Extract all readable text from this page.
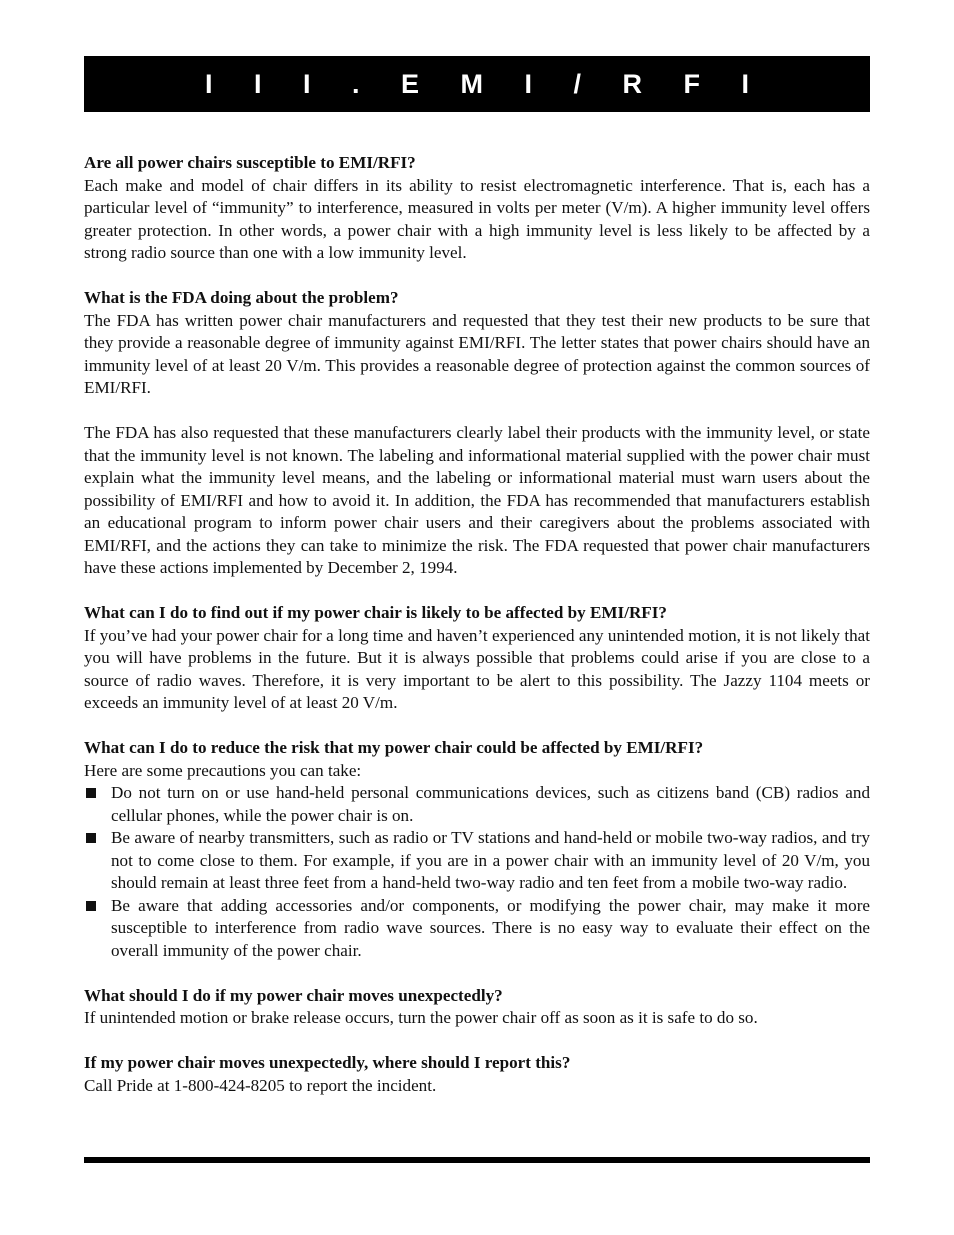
I I I . E M I / R F I

Are all power chairs susceptible to EMI/RFI?

Each make and model of chair differs in its ability to resist electromagnetic interference. That is, each has a particular level of “immunity” to interference, measured in volts per meter (V/m). A higher immunity level offers greater protection. In other words, a power chair with a high immunity level is less likely to be affected by a strong radio source than one with a low immunity level.

What is the FDA doing about the problem?

The FDA has written power chair manufacturers and requested that they test their new products to be sure that they provide a reasonable degree of immunity against EMI/RFI. The letter states that power chairs should have an immunity level of at least 20 V/m. This provides a reasonable degree of protection against the common sources of EMI/RFI.

The FDA has also requested that these manufacturers clearly label their products with the immunity level, or state that the immunity level is not known. The labeling and informational material supplied with the power chair must explain what the immunity level means, and the labeling or informational material must warn users about the possibility of EMI/RFI and how to avoid it. In addition, the FDA has recommended that manufacturers establish an educational program to inform power chair users and their caregivers about the problems associated with EMI/RFI, and the actions they can take to minimize the risk. The FDA requested that power chair manufacturers have these actions implemented by December 2, 1994.

What can I do to find out if my power chair is likely to be affected by EMI/RFI?

If you’ve had your power chair for a long time and haven’t experienced any unintended motion, it is not likely that you will have problems in the future. But it is always possible that problems could arise if you are close to a source of radio waves. Therefore, it is very important to be alert to this possibility. The Jazzy 1104 meets or exceeds an immunity level of at least 20 V/m.

What can I do to reduce the risk that my power chair could be affected by EMI/RFI?

Here are some precautions you can take:

Do not turn on or use hand-held personal communications devices, such as citizens band (CB) radios and cellular phones, while the power chair is on.
Be aware of nearby transmitters, such as radio or TV stations and hand-held or mobile two-way radios, and try not to come close to them. For example, if you are in a power chair with an immunity level of 20 V/m, you should remain at least three feet from a hand-held two-way radio and ten feet from a mobile two-way radio.
Be aware that adding accessories and/or components, or modifying the power chair, may make it more susceptible to interference from radio wave sources. There is no easy way to evaluate their effect on the overall immunity of the power chair.

What should I do if my power chair moves unexpectedly?

If unintended motion or brake release occurs, turn the power chair off as soon as it is safe to do so.

If my power chair moves unexpectedly, where should I report this?

Call Pride at 1-800-424-8205 to report the incident.
